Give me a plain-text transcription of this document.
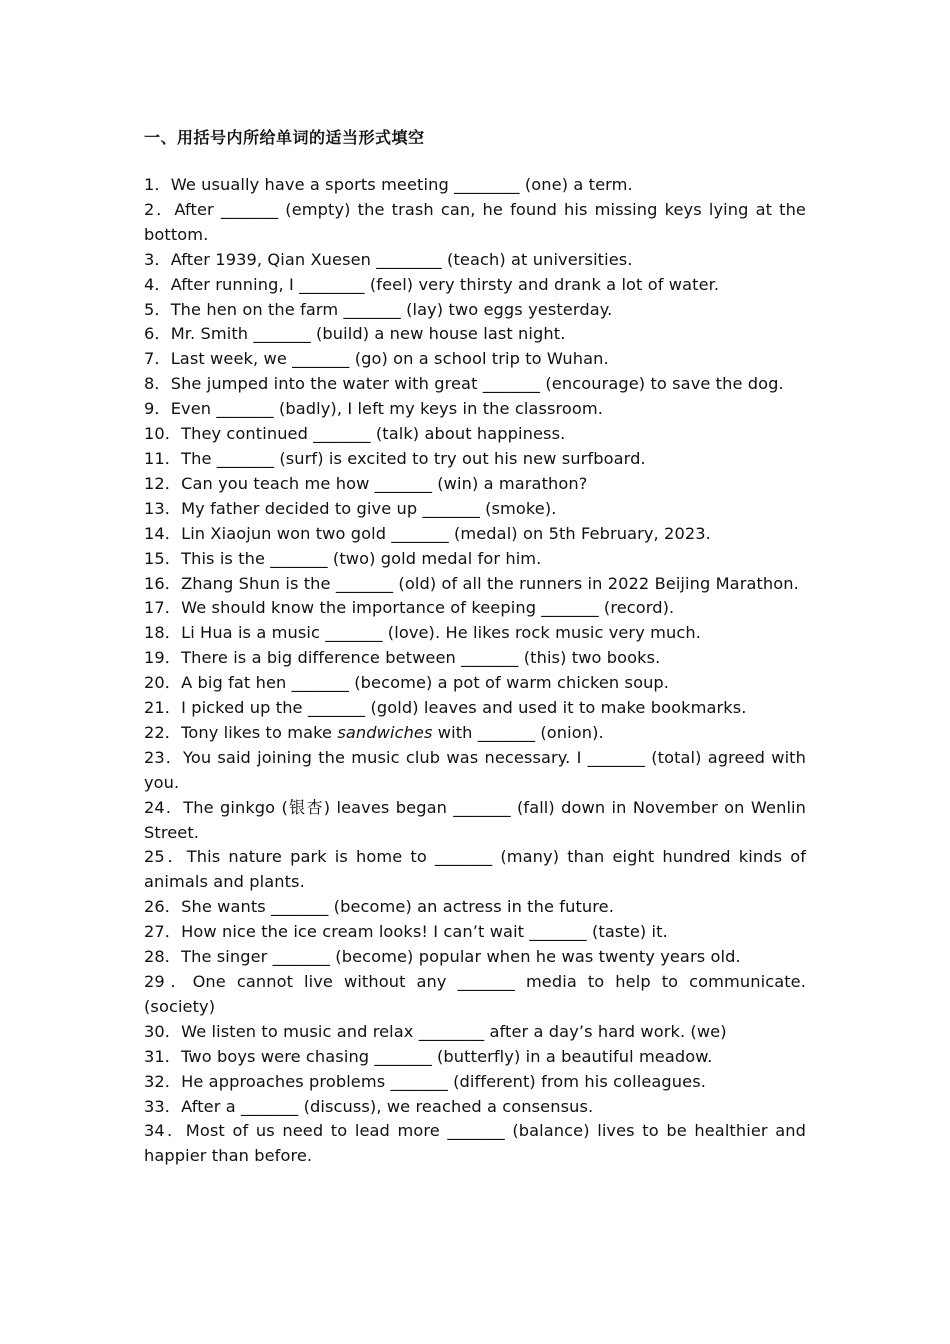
一、用括号内所给单词的适当形式填空
1．We usually have a sports meeting ________ (one) a term.
2．After _______ (empty) the trash can, he found his missing keys lying at the bottom.
3．After 1939, Qian Xuesen ________ (teach) at universities.
4．After running, I ________ (feel) very thirsty and drank a lot of water.
5．The hen on the farm _______ (lay) two eggs yesterday.
6．Mr. Smith _______ (build) a new house last night.
7．Last week, we _______ (go) on a school trip to Wuhan.
8．She jumped into the water with great _______ (encourage) to save the dog.
9．Even _______ (badly), I left my keys in the classroom.
10．They continued _______ (talk) about happiness.
11．The _______ (surf) is excited to try out his new surfboard.
12．Can you teach me how _______ (win) a marathon?
13．My father decided to give up _______ (smoke).
14．Lin Xiaojun won two gold _______ (medal) on 5th February, 2023.
15．This is the _______ (two) gold medal for him.
16．Zhang Shun is the _______ (old) of all the runners in 2022 Beijing Marathon.
17．We should know the importance of keeping _______ (record).
18．Li Hua is a music _______ (love). He likes rock music very much.
19．There is a big difference between _______ (this) two books.
20．A big fat hen _______ (become) a pot of warm chicken soup.
21．I picked up the _______ (gold) leaves and used it to make bookmarks.
22．Tony likes to make sandwiches with _______ (onion).
23．You said joining the music club was necessary. I _______ (total) agreed with you.
24．The ginkgo (银杏) leaves began _______ (fall) down in November on Wenlin Street.
25．This nature park is home to _______ (many) than eight hundred kinds of animals and plants.
26．She wants _______ (become) an actress in the future.
27．How nice the ice cream looks! I can’t wait _______ (taste) it.
28．The singer _______ (become) popular when he was twenty years old.
29．One cannot live without any _______ media to help to communicate. (society)
30．We listen to music and relax ________ after a day’s hard work. (we)
31．Two boys were chasing _______ (butterfly) in a beautiful meadow.
32．He approaches problems _______ (different) from his colleagues.
33．After a _______ (discuss), we reached a consensus.
34．Most of us need to lead more _______ (balance) lives to be healthier and happier than before.
